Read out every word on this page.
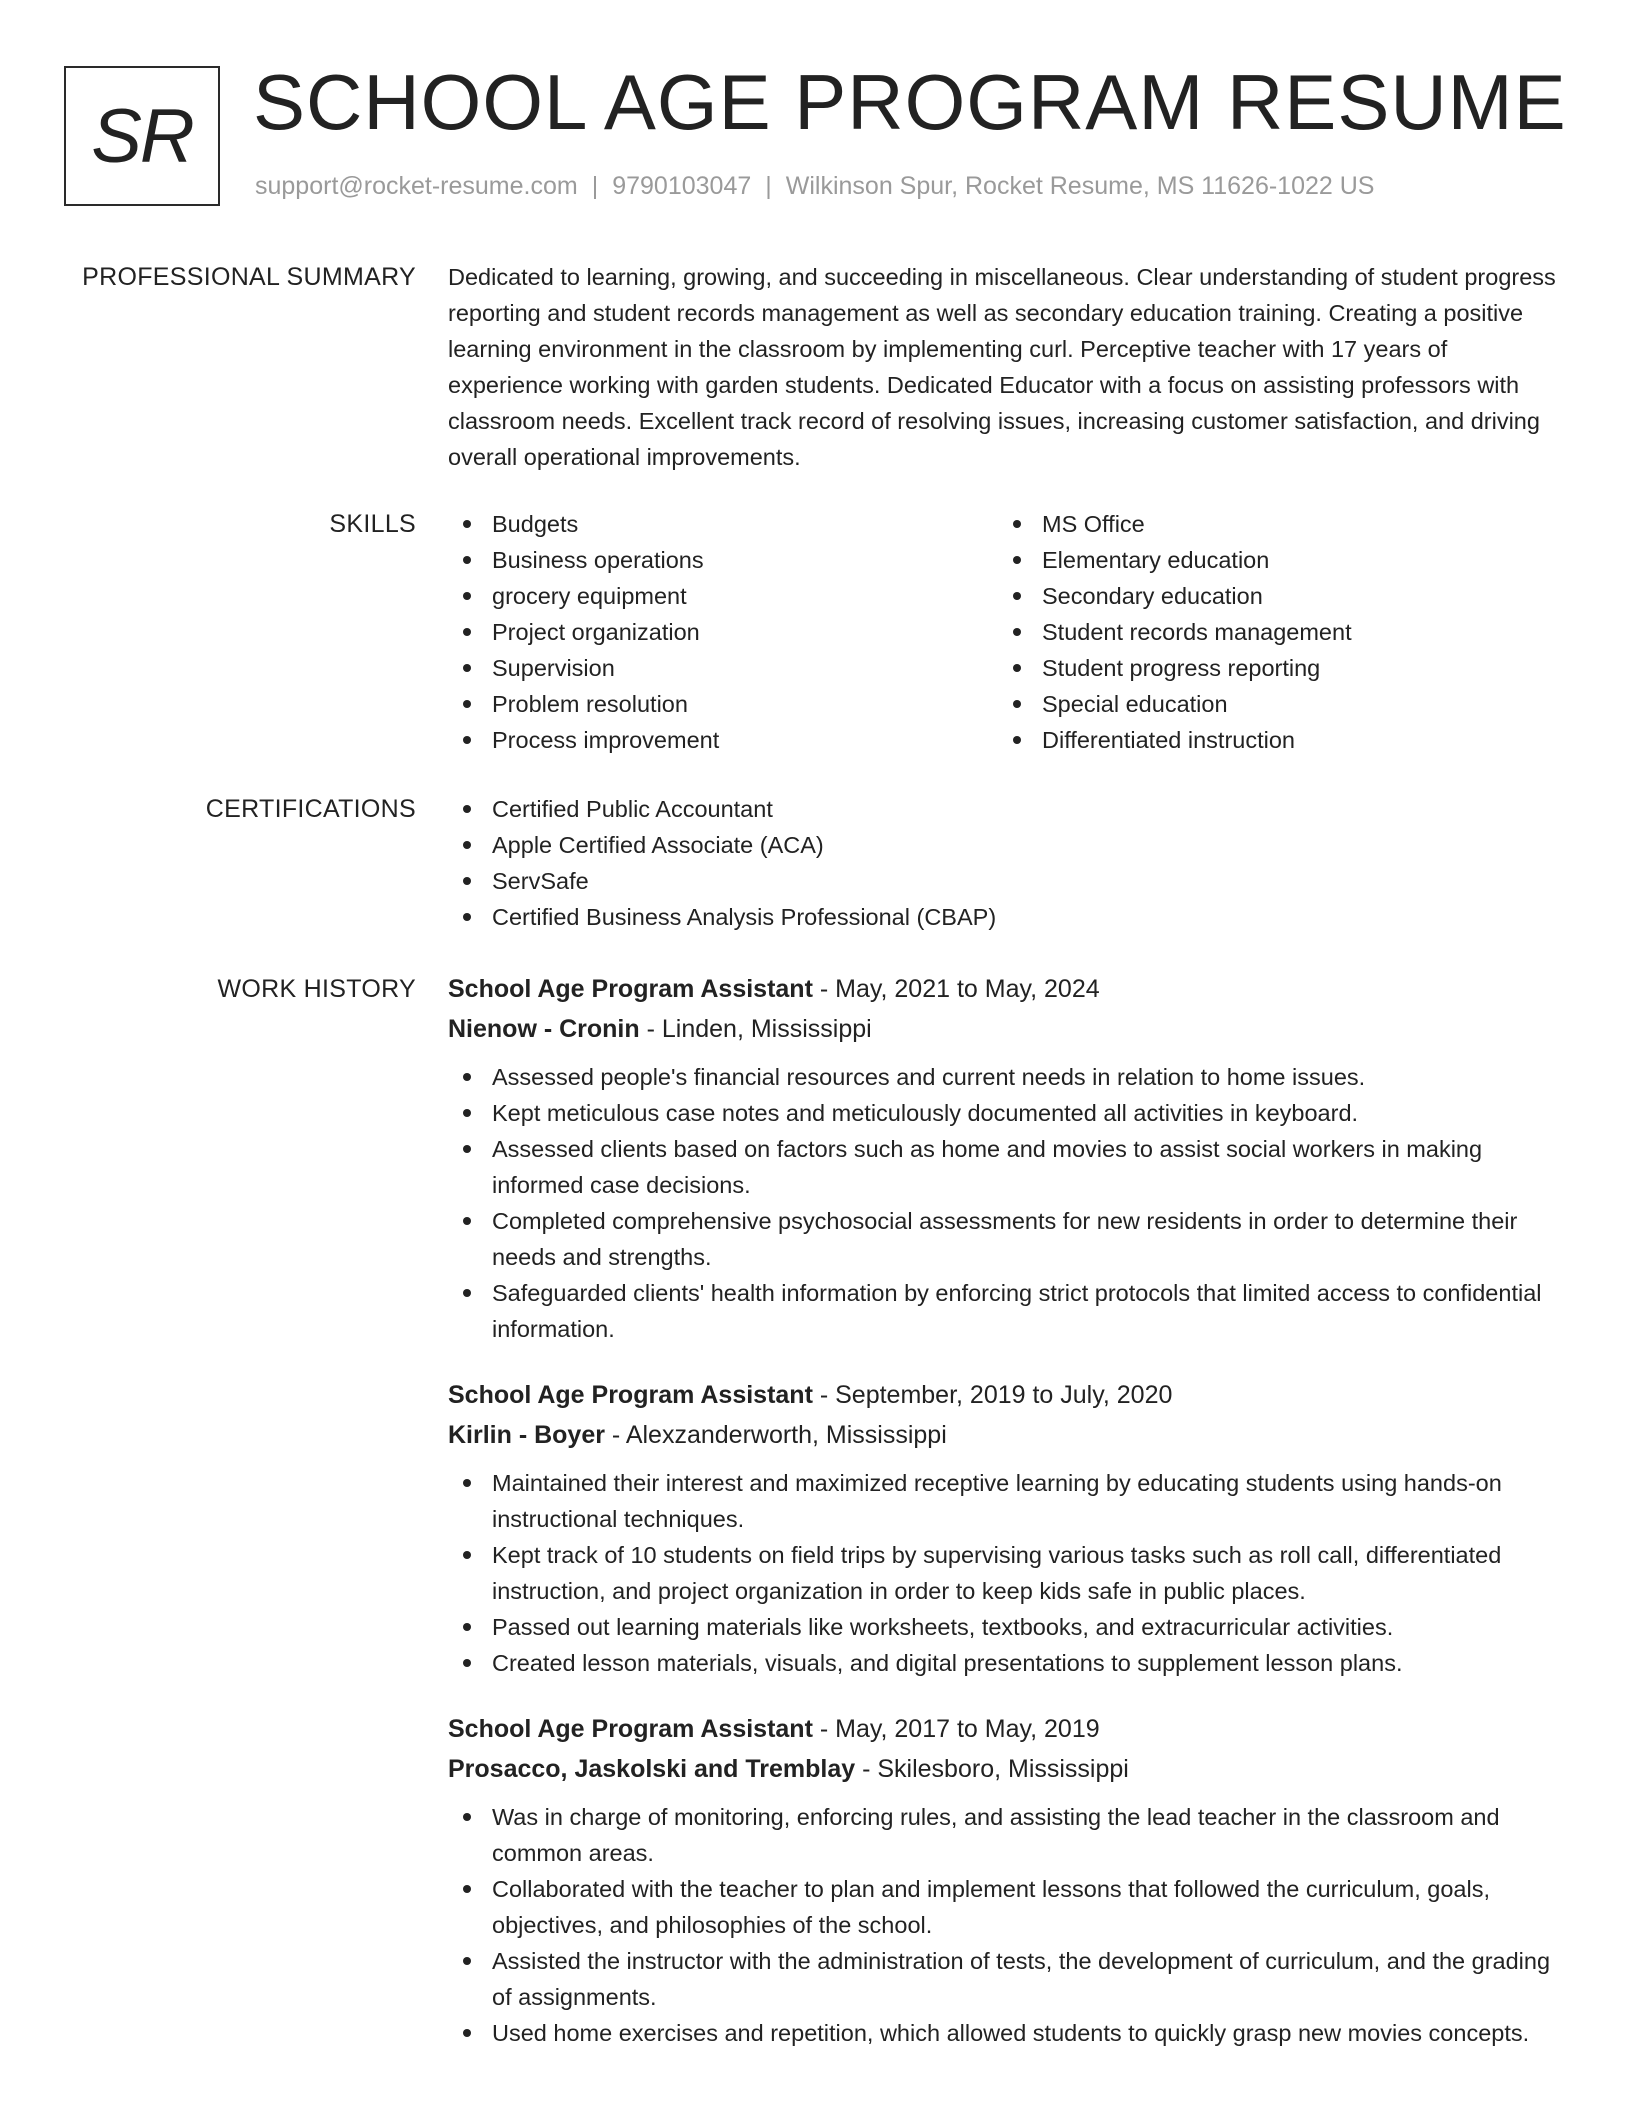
SR SCHOOL AGE PROGRAM RESUME
support@rocket-resume.com | 9790103047 | Wilkinson Spur, Rocket Resume, MS 11626-1022 US
PROFESSIONAL SUMMARY Dedicated to learning, growing, and succeeding in miscellaneous. Clear understanding of student progress reporting and student records management as well as secondary education training. Creating a positive learning environment in the classroom by implementing curl. Perceptive teacher with 17 years of experience working with garden students. Dedicated Educator with a focus on assisting professors with classroom needs. Excellent track record of resolving issues, increasing customer satisfaction, and driving overall operational improvements.

SKILLS	Budgets
Business operations
grocery equipment
Project organization
Supervision
Problem resolution
Process improvement
MS Office
Elementary education
Secondary education
Student records management
Student progress reporting
Special education
Differentiated instruction
CERTIFICATIONS	Certified Public Accountant
Apple Certified Associate (ACA)
ServSafe
Certified Business Analysis Professional (CBAP)
WORK HISTORY School Age Program Assistant - May, 2021 to May, 2024
Nienow - Cronin - Linden, Mississippi
Assessed people's financial resources and current needs in relation to home issues.
Kept meticulous case notes and meticulously documented all activities in keyboard.
Assessed clients based on factors such as home and movies to assist social workers in making informed case decisions.
Completed comprehensive psychosocial assessments for new residents in order to determine their needs and strengths.
Safeguarded clients' health information by enforcing strict protocols that limited access to confidential information.
School Age Program Assistant - September, 2019 to July, 2020
Kirlin - Boyer - Alexzanderworth, Mississippi
Maintained their interest and maximized receptive learning by educating students using hands-on instructional techniques.
Kept track of 10 students on field trips by supervising various tasks such as roll call, differentiated instruction, and project organization in order to keep kids safe in public places.
Passed out learning materials like worksheets, textbooks, and extracurricular activities.
Created lesson materials, visuals, and digital presentations to supplement lesson plans.
School Age Program Assistant - May, 2017 to May, 2019
Prosacco, Jaskolski and Tremblay - Skilesboro, Mississippi
Was in charge of monitoring, enforcing rules, and assisting the lead teacher in the classroom and common areas.
Collaborated with the teacher to plan and implement lessons that followed the curriculum, goals, objectives, and philosophies of the school.
Assisted the instructor with the administration of tests, the development of curriculum, and the grading of assignments.
Used home exercises and repetition, which allowed students to quickly grasp new movies concepts.
